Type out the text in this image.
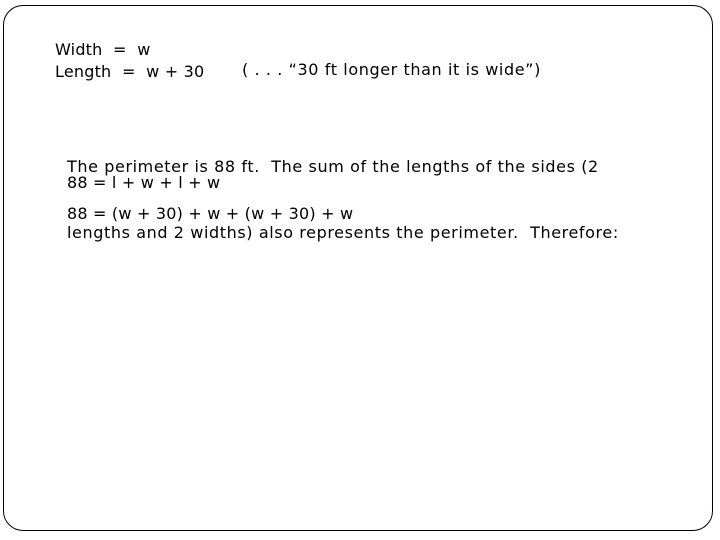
Width  =  w
Length  =  w + 30 ( . . . “30 ft longer than it is wide”)

The perimeter is 88 ft.  The sum of the lengths of the sides (2

lengths and 2 widths) also represents the perimeter.  Therefore:

88 = l + w + l + w
88 = (w + 30) + w + (w + 30) + w
